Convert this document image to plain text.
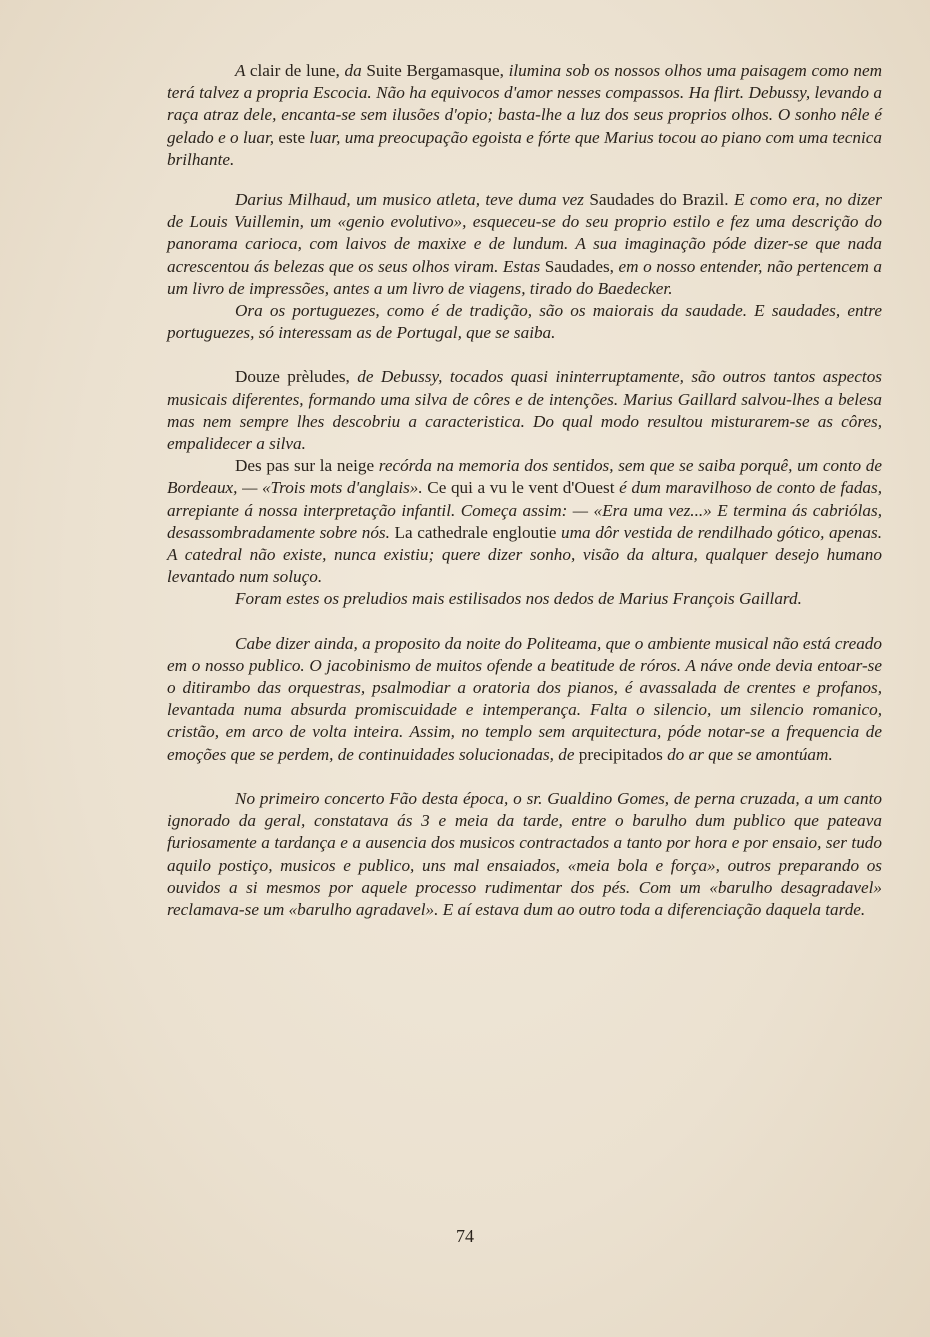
A clair de lune, da Suite Bergamasque, ilumina sob os nossos olhos uma paisagem como nem terá talvez a propria Escocia. Não ha equivocos d'amor nesses compassos. Ha flirt. Debussy, levando a raça atraz dele, encanta-se sem ilusões d'opio; basta-lhe a luz dos seus proprios olhos. O sonho nêle é gelado e o luar, este luar, uma preocupação egoista e fórte que Marius tocou ao piano com uma tecnica brilhante.

Darius Milhaud, um musico atleta, teve duma vez Saudades do Brazil. E como era, no dizer de Louis Vuillemin, um «genio evolutivo», esqueceu-se do seu proprio estilo e fez uma descrição do panorama carioca, com laivos de maxixe e de lundum. A sua imaginação póde dizer-se que nada acrescentou ás belezas que os seus olhos viram. Estas Saudades, em o nosso entender, não pertencem a um livro de impressões, antes a um livro de viagens, tirado do Baedecker.

Ora os portuguezes, como é de tradição, são os maiorais da saudade. E saudades, entre portuguezes, só interessam as de Portugal, que se saiba.

Douze prèludes, de Debussy, tocados quasi ininterruptamente, são outros tantos aspectos musicais diferentes, formando uma silva de côres e de intenções. Marius Gaillard salvou-lhes a belesa mas nem sempre lhes descobriu a caracteristica. Do qual modo resultou misturarem-se as côres, empalidecer a silva.

Des pas sur la neige recórda na memoria dos sentidos, sem que se saiba porquê, um conto de Bordeaux, — «Trois mots d'anglais». Ce qui a vu le vent d'Ouest é dum maravilhoso de conto de fadas, arrepiante á nossa interpretação infantil. Começa assim: — «Era uma vez...» E termina ás cabriólas, desassombradamente sobre nós. La cathedrale engloutie uma dôr vestida de rendilhado gótico, apenas. A catedral não existe, nunca existiu; quere dizer sonho, visão da altura, qualquer desejo humano levantado num soluço.

Foram estes os preludios mais estilisados nos dedos de Marius François Gaillard.

Cabe dizer ainda, a proposito da noite do Politeama, que o ambiente musical não está creado em o nosso publico. O jacobinismo de muitos ofende a beatitude de róros. A náve onde devia entoar-se o ditirambo das orquestras, psalmodiar a oratoria dos pianos, é avassalada de crentes e profanos, levantada numa absurda promiscuidade e intemperança. Falta o silencio, um silencio romanico, cristão, em arco de volta inteira. Assim, no templo sem arquitectura, póde notar-se a frequencia de emoções que se perdem, de continuidades solucionadas, de precipitados do ar que se amontúam.

No primeiro concerto Fão desta época, o sr. Gualdino Gomes, de perna cruzada, a um canto ignorado da geral, constatava ás 3 e meia da tarde, entre o barulho dum publico que pateava furiosamente a tardança e a ausencia dos musicos contractados a tanto por hora e por ensaio, ser tudo aquilo postiço, musicos e publico, uns mal ensaiados, «meia bola e força», outros preparando os ouvidos a si mesmos por aquele processo rudimentar dos pés. Com um «barulho desagradavel» reclamava-se um «barulho agradavel». E aí estava dum ao outro toda a diferenciação daquela tarde.

74
